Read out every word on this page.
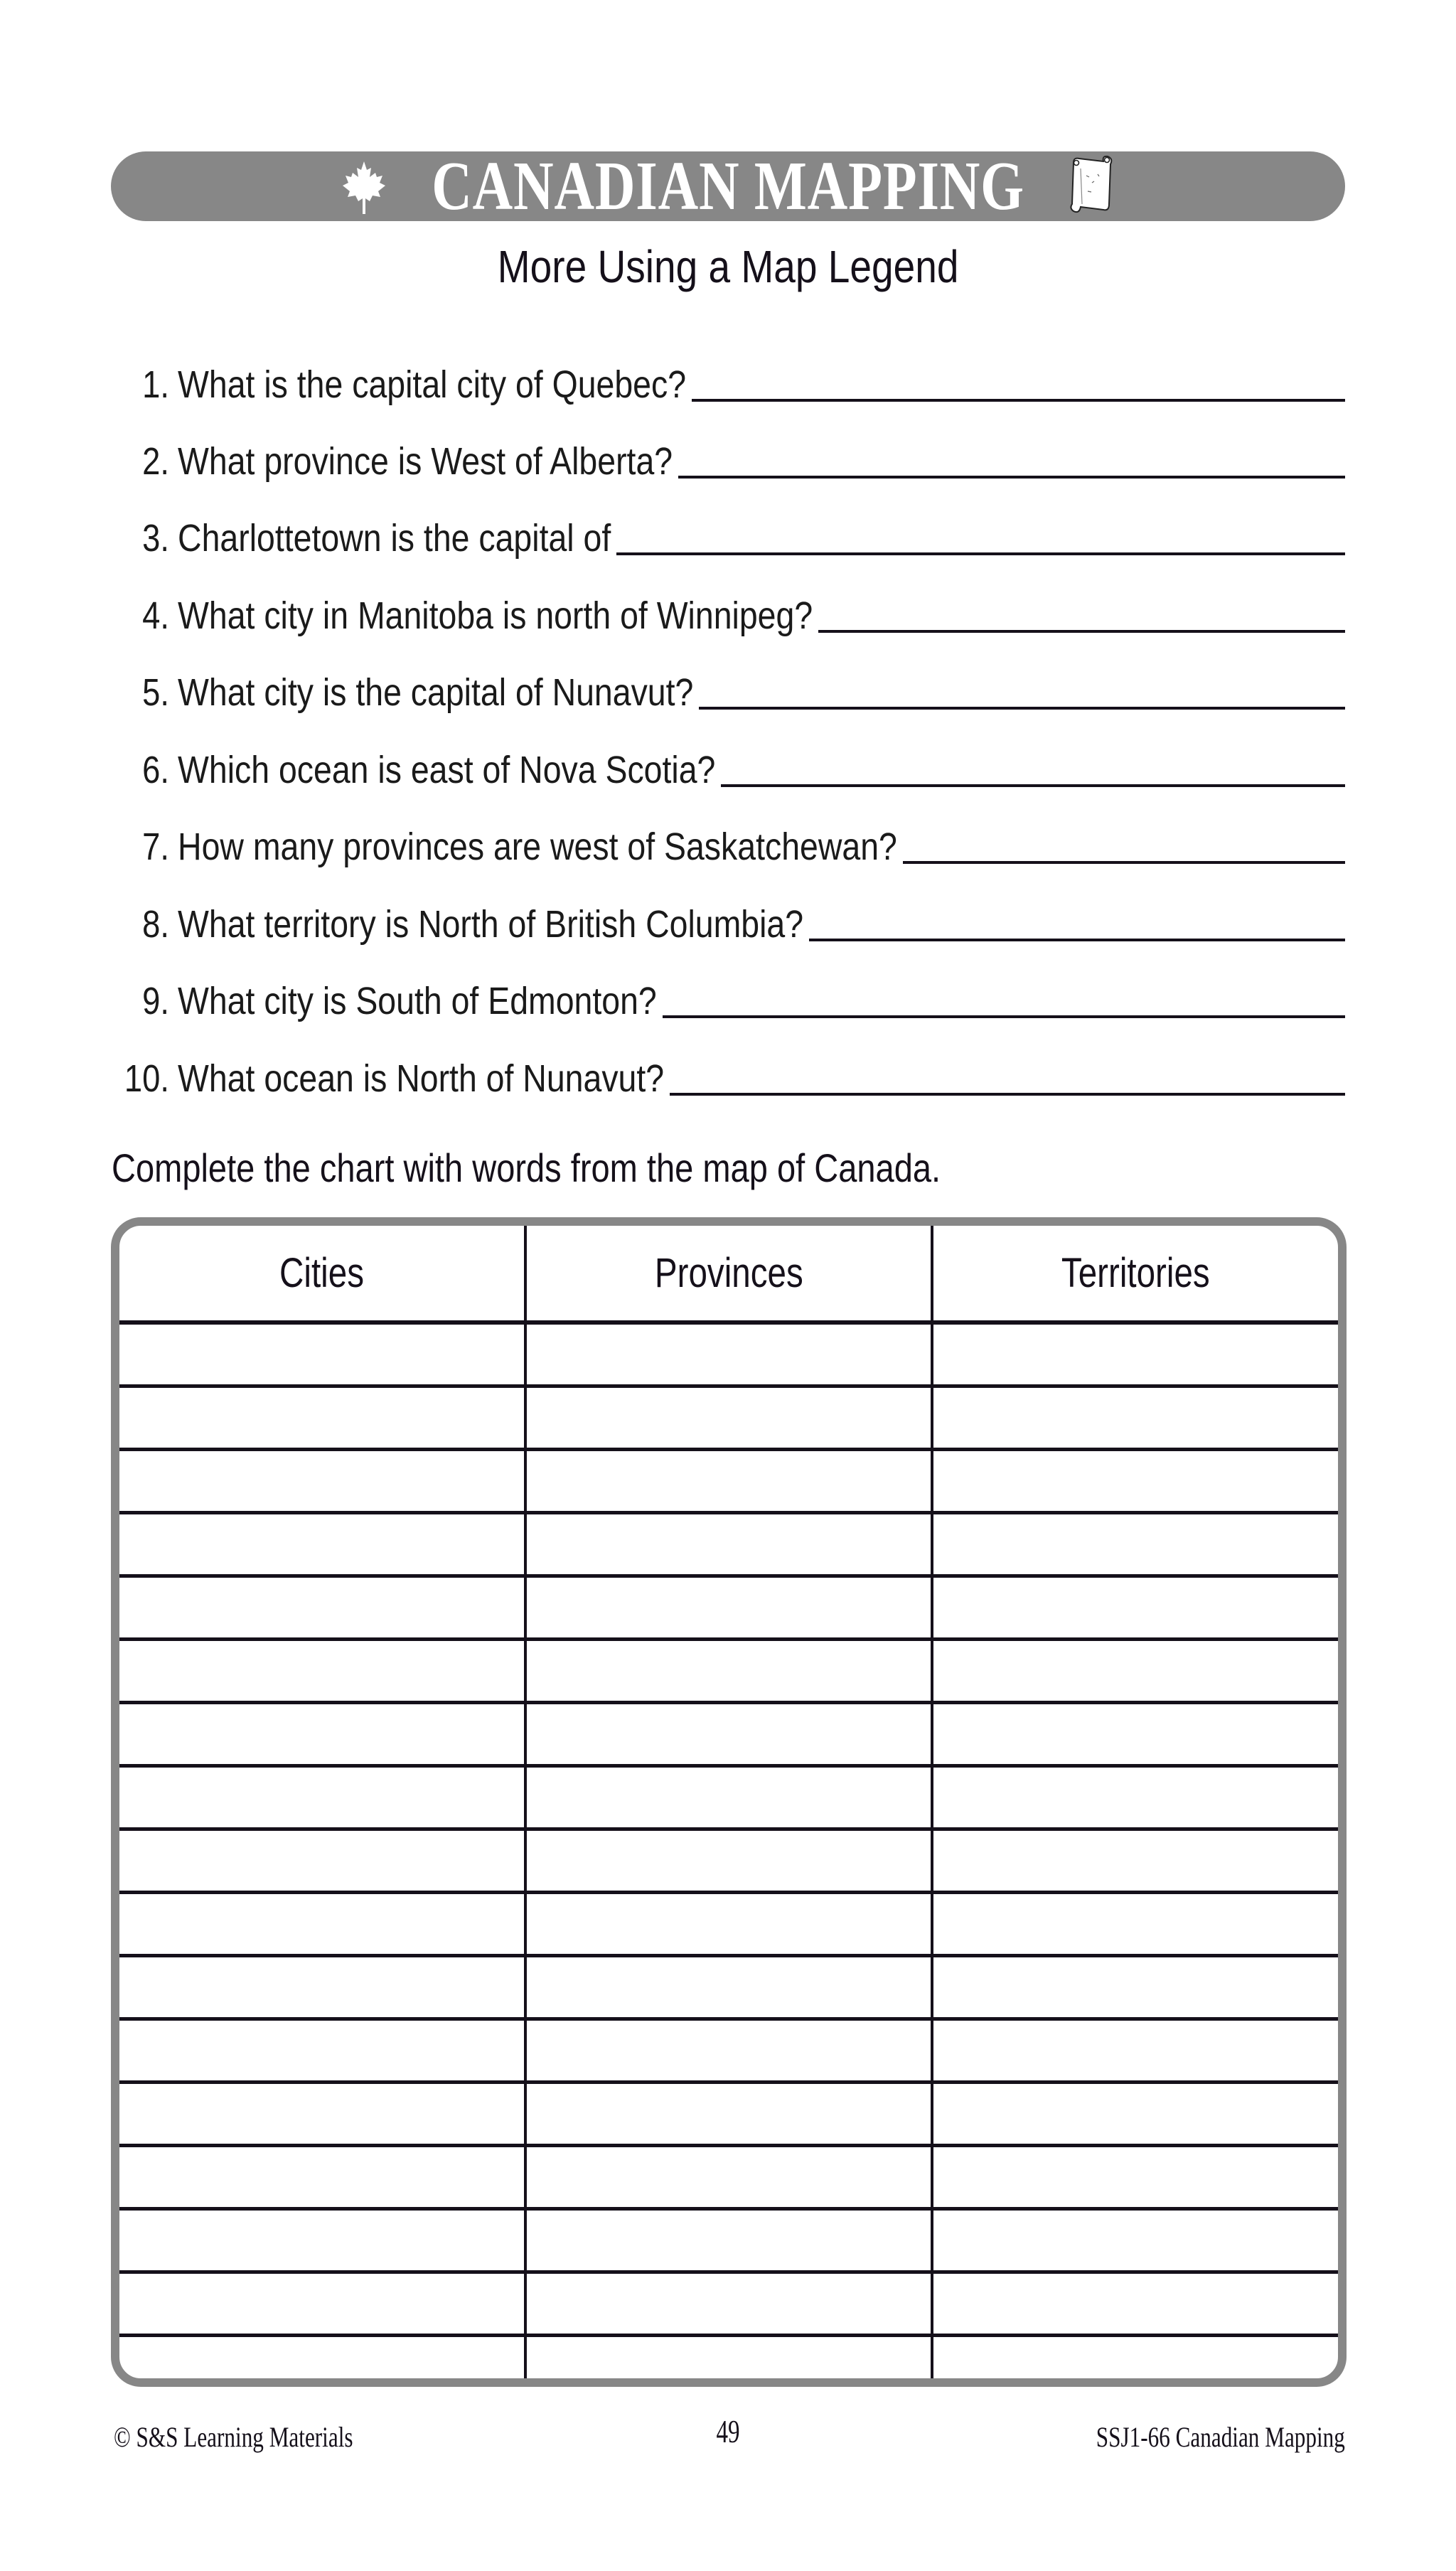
CANADIAN MAPPING
More Using a Map Legend
1. What is the capital city of Quebec?
2. What province is West of Alberta?
3. Charlottetown is the capital of
4. What city in Manitoba is north of Winnipeg?
5. What city is the capital of Nunavut?
6. Which ocean is east of Nova Scotia?
7. How many provinces are west of Saskatchewan?
8. What territory is North of British Columbia?
9. What city is South of Edmonton?
10. What ocean is North of Nunavut?
Complete the chart with words from the map of Canada.
Cities	Provinces	Territories

© S&S Learning Materials	49	SSJ1-66 Canadian Mapping
